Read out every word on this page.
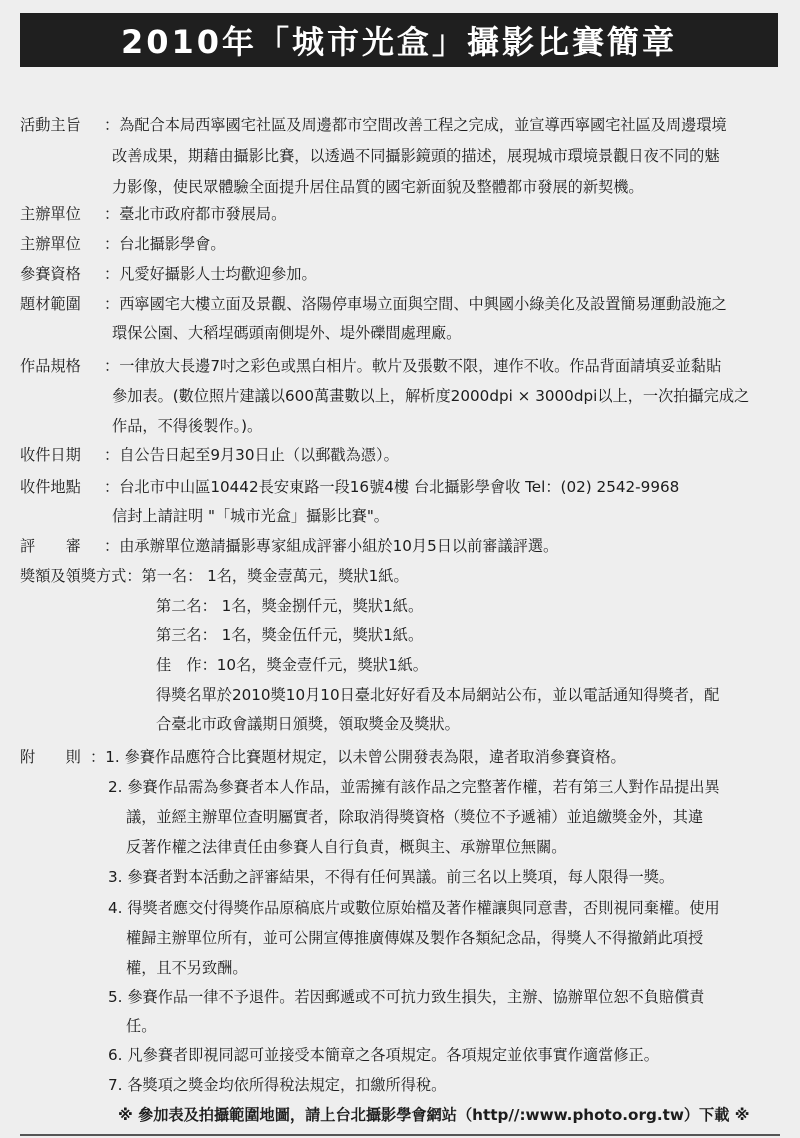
2010年「城市光盒」攝影比賽簡章
活動主旨 ：為配合本局西寧國宅社區及周邊都市空間改善工程之完成，並宣導西寧國宅社區及周邊環境
改善成果，期藉由攝影比賽，以透過不同攝影鏡頭的描述，展現城市環境景觀日夜不同的魅
力影像，使民眾體驗全面提升居住品質的國宅新面貌及整體都市發展的新契機。
主辦單位 ：臺北市政府都市發展局。
主辦單位 ：台北攝影學會。
參賽資格 ：凡愛好攝影人士均歡迎參加。
題材範圍 ：西寧國宅大樓立面及景觀、洛陽停車場立面與空間、中興國小綠美化及設置簡易運動設施之
環保公園、大稻埕碼頭南側堤外、堤外礫間處理廠。
作品規格 ：一律放大長邊7吋之彩色或黑白相片。軟片及張數不限，連作不收。作品背面請填妥並黏貼
參加表。(數位照片建議以600萬畫數以上，解析度2000dpi × 3000dpi以上，一次拍攝完成之
作品，不得後製作。)。
收件日期 ：自公告日起至9月30日止（以郵戳為憑）。
收件地點 ：台北市中山區10442長安東路一段16號4樓 台北攝影學會收 Tel：(02) 2542-9968
信封上請註明 "「城市光盒」攝影比賽"。
評　　審 ：由承辦單位邀請攝影專家組成評審小組於10月5日以前審議評選。
獎額及領獎方式：第一名： 1名，獎金壹萬元，獎狀1紙。
第二名： 1名，獎金捌仟元，獎狀1紙。
第三名： 1名，獎金伍仟元，獎狀1紙。
佳　作：10名，獎金壹仟元，獎狀1紙。
得獎名單於2010獎10月10日臺北好好看及本局網站公布，並以電話通知得獎者，配
合臺北市政會議期日頒獎，領取獎金及獎狀。
附　　則 ：1. 參賽作品應符合比賽題材規定，以未曾公開發表為限，違者取消參賽資格。
2. 參賽作品需為參賽者本人作品，並需擁有該作品之完整著作權，若有第三人對作品提出異
議，並經主辦單位查明屬實者，除取消得獎資格（獎位不予遞補）並追繳獎金外，其違
反著作權之法律責任由參賽人自行負責，概與主、承辦單位無關。
3. 參賽者對本活動之評審結果，不得有任何異議。前三名以上獎項，每人限得一獎。
4. 得獎者應交付得獎作品原稿底片或數位原始檔及著作權讓與同意書，否則視同棄權。使用
權歸主辦單位所有，並可公開宣傳推廣傳媒及製作各類紀念品，得獎人不得撤銷此項授
權，且不另致酬。
5. 參賽作品一律不予退件。若因郵遞或不可抗力致生損失，主辦、協辦單位恕不負賠償責
任。
6. 凡參賽者即視同認可並接受本簡章之各項規定。各項規定並依事實作適當修正。
7. 各獎項之獎金均依所得稅法規定，扣繳所得稅。
※ 參加表及拍攝範圍地圖，請上台北攝影學會網站（http//:www.photo.org.tw）下載 ※
